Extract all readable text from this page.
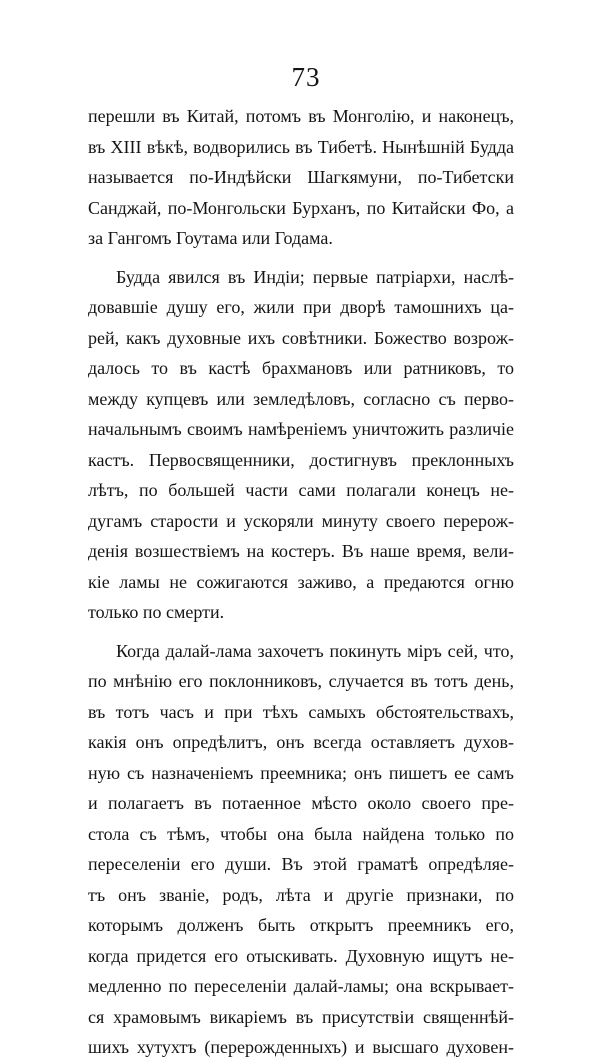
73
перешли въ Китай, потомъ въ Монголію, и наконецъ,
въ XIII вѣкѣ, водворились въ Тибетѣ. Нынѣшній Будда
называется по-Индѣйски Шагкямуни, по-Тибетски
Санджай, по-Монгольски Бурханъ, по Китайски Фо, а
за Гангомъ Гоутама или Годама.
Будда явился въ Индіи; первые патріархи, наслѣ-
довавшіе душу его, жили при дворѣ тамошнихъ ца-
рей, какъ духовные ихъ совѣтники. Божество возрож-
далось то въ кастѣ брахмановъ или ратниковъ, то
между купцевъ или земледѣловъ, согласно съ перво-
начальнымъ своимъ намѣреніемъ уничтожить различіе
кастъ. Первосвященники, достигнувъ преклонныхъ
лѣтъ, по большей части сами полагали конецъ не-
дугамъ старости и ускоряли минуту своего перерож-
денія возшествіемъ на костеръ. Въ наше время, вели-
кіе ламы не сожигаются заживо, а предаются огню
только по смерти.
Когда далай-лама захочетъ покинуть міръ сей, что,
по мнѣнію его поклонниковъ, случается въ тотъ день,
въ тотъ часъ и при тѣхъ самыхъ обстоятельствахъ,
какія онъ опредѣлитъ, онъ всегда оставляетъ духов-
ную съ назначеніемъ преемника; онъ пишетъ ее самъ
и полагаетъ въ потаенное мѣсто около своего пре-
стола съ тѣмъ, чтобы она была найдена только по
переселеніи его души. Въ этой граматѣ опредѣляе-
тъ онъ званіе, родъ, лѣта и другіе признаки, по
которымъ долженъ быть открытъ преемникъ его,
когда придется его отыскивать. Духовную ищутъ не-
медленно по переселеніи далай-ламы; она вскрывает-
ся храмовымъ викаріемъ въ присутствіи священнѣй-
шихъ хутухтъ (перерожденныхъ) и высшаго духовен-
